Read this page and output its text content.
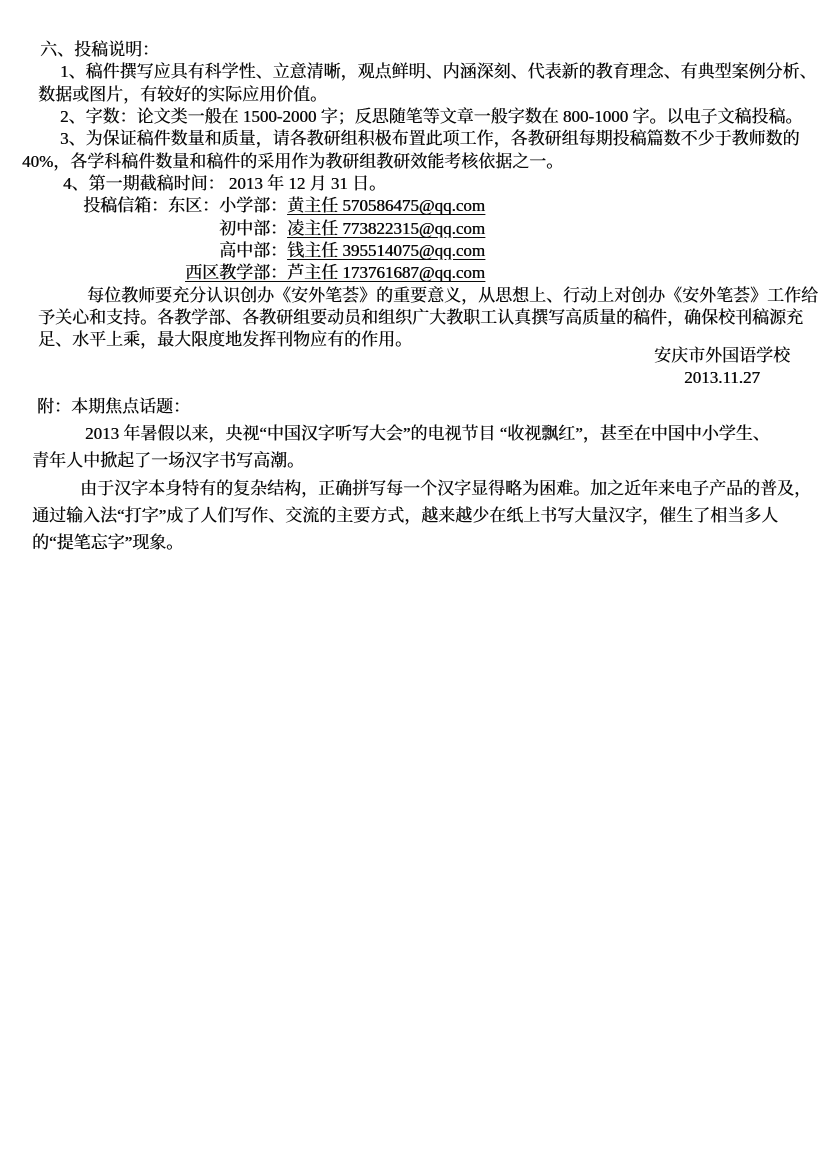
六、投稿说明：
1、稿件撰写应具有科学性、立意清晰，观点鲜明、内涵深刻、代表新的教育理念、有典型案例分析、
数据或图片，有较好的实际应用价值。
2、字数：论文类一般在 1500-2000 字；反思随笔等文章一般字数在 800-1000 字。以电子文稿投稿。
3、为保证稿件数量和质量，请各教研组积极布置此项工作，各教研组每期投稿篇数不少于教师数的
40%，各学科稿件数量和稿件的采用作为教研组教研效能考核依据之一。
4、第一期截稿时间： 2013 年 12 月 31 日。
投稿信箱：东区：小学部：黄主任 570586475@qq.com
初中部：凌主任 773822315@qq.com
高中部：钱主任 395514075@qq.com
西区教学部：芦主任 173761687@qq.com
每位教师要充分认识创办《安外笔荟》的重要意义，从思想上、行动上对创办《安外笔荟》工作给
予关心和支持。各教学部、各教研组要动员和组织广大教职工认真撰写高质量的稿件，确保校刊稿源充
足、水平上乘，最大限度地发挥刊物应有的作用。
安庆市外国语学校
2013.11.27
附：本期焦点话题：
2013 年暑假以来，央视“中国汉字听写大会”的电视节目 “收视飘红”，甚至在中国中小学生、
青年人中掀起了一场汉字书写高潮。
由于汉字本身特有的复杂结构，正确拼写每一个汉字显得略为困难。加之近年来电子产品的普及，
通过输入法“打字”成了人们写作、交流的主要方式，越来越少在纸上书写大量汉字，催生了相当多人
的“提笔忘字”现象。
